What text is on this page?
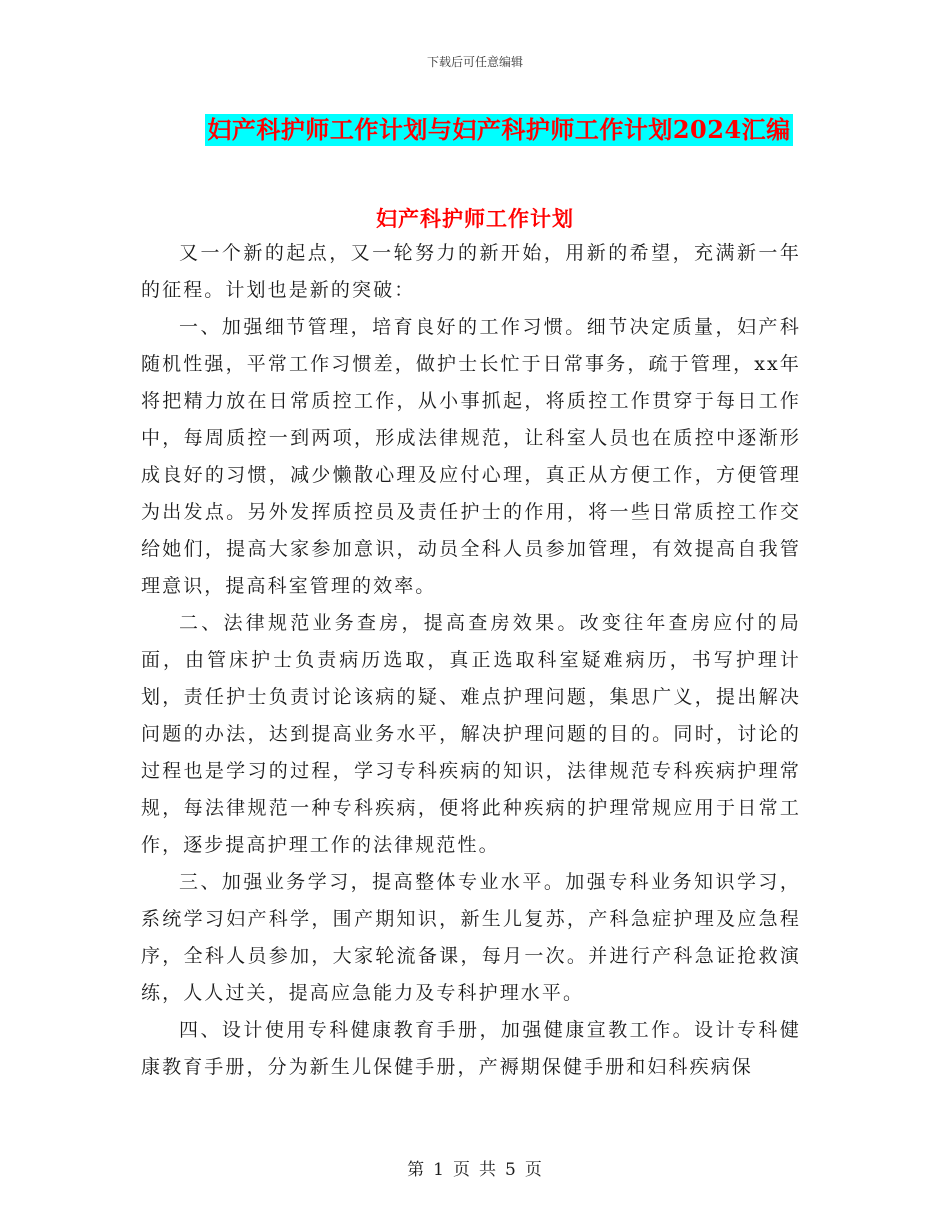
下载后可任意编辑
妇产科护师工作计划与妇产科护师工作计划2024汇编
妇产科护师工作计划

又一个新的起点，又一轮努力的新开始，用新的希望，充满新一年的征程。计划也是新的突破：

一、加强细节管理，培育良好的工作习惯。细节决定质量，妇产科随机性强，平常工作习惯差，做护士长忙于日常事务，疏于管理，xx年将把精力放在日常质控工作，从小事抓起，将质控工作贯穿于每日工作中，每周质控一到两项，形成法律规范，让科室人员也在质控中逐渐形成良好的习惯，减少懒散心理及应付心理，真正从方便工作，方便管理为出发点。另外发挥质控员及责任护士的作用，将一些日常质控工作交给她们，提高大家参加意识，动员全科人员参加管理，有效提高自我管理意识，提高科室管理的效率。

二、法律规范业务查房，提高查房效果。改变往年查房应付的局面，由管床护士负责病历选取，真正选取科室疑难病历，书写护理计划，责任护士负责讨论该病的疑、难点护理问题，集思广义，提出解决问题的办法，达到提高业务水平，解决护理问题的目的。同时，讨论的过程也是学习的过程，学习专科疾病的知识，法律规范专科疾病护理常规，每法律规范一种专科疾病，便将此种疾病的护理常规应用于日常工作，逐步提高护理工作的法律规范性。

三、加强业务学习，提高整体专业水平。加强专科业务知识学习，系统学习妇产科学，围产期知识，新生儿复苏，产科急症护理及应急程序，全科人员参加，大家轮流备课，每月一次。并进行产科急证抢救演练，人人过关，提高应急能力及专科护理水平。

四、设计使用专科健康教育手册，加强健康宣教工作。设计专科健康教育手册，分为新生儿保健手册，产褥期保健手册和妇科疾病保

第 1 页 共 5 页
